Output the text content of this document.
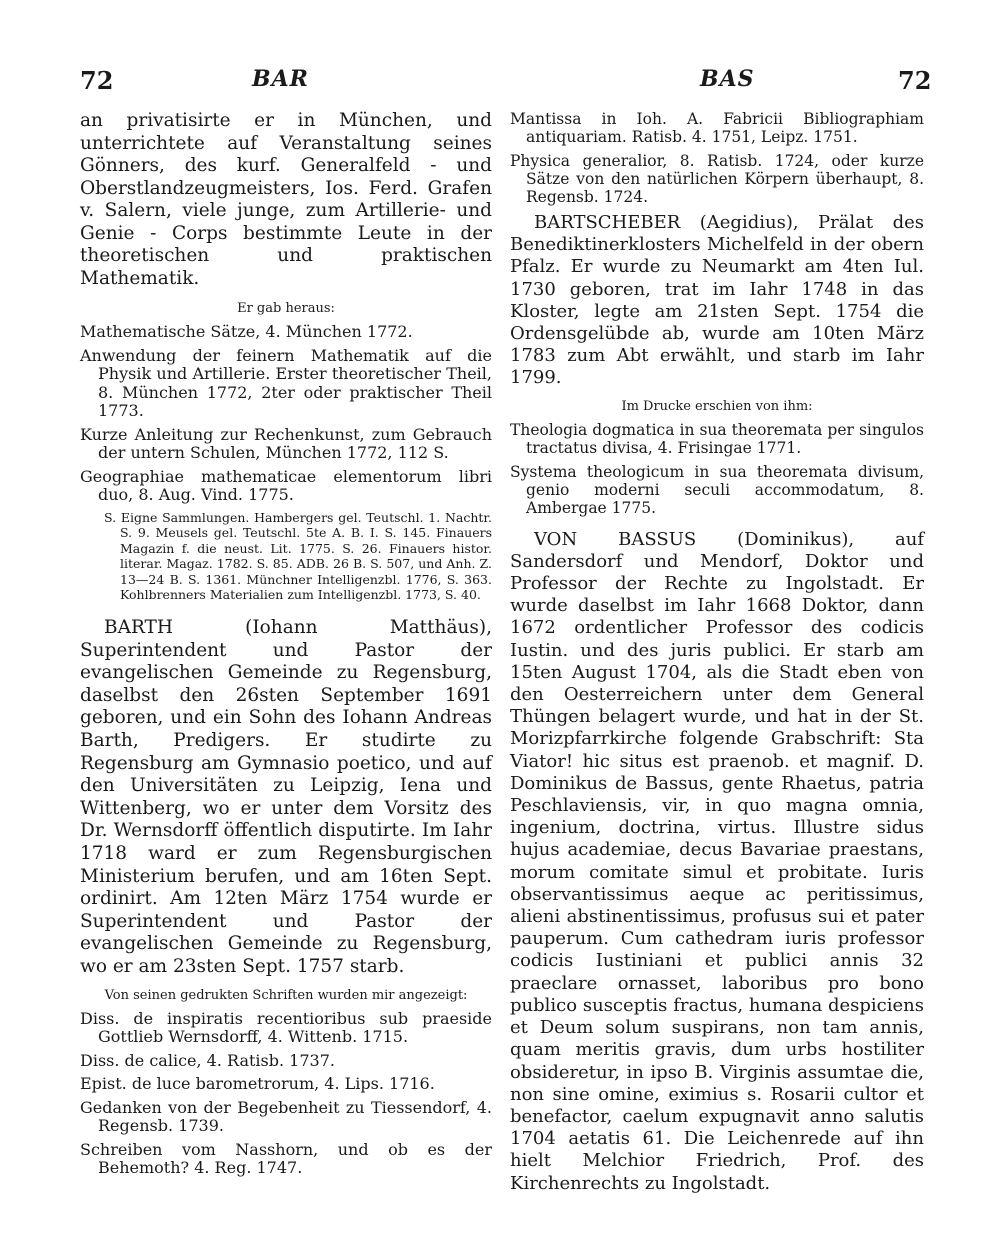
72	BAR	BAS	72

an privatisirte er in München, und unterrichtete auf Veranstaltung seines Gönners, des kurf. Generalfeld - und Oberstlandzeugmeisters, Ios. Ferd. Grafen v. Salern, viele junge, zum Artillerie- und Genie - Corps bestimmte Leute in der theoretischen und praktischen Mathematik.

Er gab heraus:

Mathematische Sätze, 4. München 1772.

Anwendung der feinern Mathematik auf die Physik und Artillerie. Erster theoretischer Theil, 8. München 1772, 2ter oder praktischer Theil 1773.

Kurze Anleitung zur Rechenkunst, zum Gebrauch der untern Schulen, München 1772, 112 S.

Geographiae mathematicae elementorum libri duo, 8. Aug. Vind. 1775.

S. Eigne Sammlungen. Hambergers gel. Teutschl. 1. Nachtr. S. 9. Meusels gel. Teutschl. 5te A. B. I. S. 145. Finauers Magazin f. die neust. Lit. 1775. S. 26. Finauers histor. literar. Magaz. 1782. S. 85. ADB. 26 B. S. 507, und Anh. Z. 13—24 B. S. 1361. Münchner Intelligenzbl. 1776, S. 363. Kohlbrenners Materialien zum Intelligenzbl. 1773, S. 40.

BARTH (Iohann Matthäus), Superintendent und Pastor der evangelischen Gemeinde zu Regensburg, daselbst den 26sten September 1691 geboren, und ein Sohn des Iohann Andreas Barth, Predigers. Er studirte zu Regensburg am Gymnasio poetico, und auf den Universitäten zu Leipzig, Iena und Wittenberg, wo er unter dem Vorsitz des Dr. Wernsdorff öffentlich disputirte. Im Iahr 1718 ward er zum Regensburgischen Ministerium berufen, und am 16ten Sept. ordinirt. Am 12ten März 1754 wurde er Superintendent und Pastor der evangelischen Gemeinde zu Regensburg, wo er am 23sten Sept. 1757 starb.

Von seinen gedrukten Schriften wurden mir angezeigt:

Diss. de inspiratis recentioribus sub praeside Gottlieb Wernsdorff, 4. Wittenb. 1715.

Diss. de calice, 4. Ratisb. 1737.

Epist. de luce barometrorum, 4. Lips. 1716.

Gedanken von der Begebenheit zu Tiessendorf, 4. Regensb. 1739.

Schreiben vom Nasshorn, und ob es der Behemoth? 4. Reg. 1747.

Mantissa in Ioh. A. Fabricii Bibliographiam antiquariam. Ratisb. 4. 1751, Leipz. 1751.

Physica generalior, 8. Ratisb. 1724, oder kurze Sätze von den natürlichen Körpern überhaupt, 8. Regensb. 1724.

BARTSCHEBER (Aegidius), Prälat des Benediktinerklosters Michelfeld in der obern Pfalz. Er wurde zu Neumarkt am 4ten Iul. 1730 geboren, trat im Iahr 1748 in das Kloster, legte am 21sten Sept. 1754 die Ordensgelübde ab, wurde am 10ten März 1783 zum Abt erwählt, und starb im Iahr 1799.

Im Drucke erschien von ihm:

Theologia dogmatica in sua theoremata per singulos tractatus divisa, 4. Frisingae 1771.

Systema theologicum in sua theoremata divisum, genio moderni seculi accommodatum, 8. Ambergae 1775.

VON BASSUS (Dominikus), auf Sandersdorf und Mendorf, Doktor und Professor der Rechte zu Ingolstadt. Er wurde daselbst im Iahr 1668 Doktor, dann 1672 ordentlicher Professor des codicis Iustin. und des juris publici. Er starb am 15ten August 1704, als die Stadt eben von den Oesterreichern unter dem General Thüngen belagert wurde, und hat in der St. Morizpfarrkirche folgende Grabschrift: Sta Viator! hic situs est praenob. et magnif. D. Dominikus de Bassus, gente Rhaetus, patria Peschlaviensis, vir, in quo magna omnia, ingenium, doctrina, virtus. Illustre sidus hujus academiae, decus Bavariae praestans, morum comitate simul et probitate. Iuris observantissimus aeque ac peritissimus, alieni abstinentissimus, profusus sui et pater pauperum. Cum cathedram iuris professor codicis Iustiniani et publici annis 32 praeclare ornasset, laboribus pro bono publico susceptis fractus, humana despiciens et Deum solum suspirans, non tam annis, quam meritis gravis, dum urbs hostiliter obsideretur, in ipso B. Virginis assumtae die, non sine omine, eximius s. Rosarii cultor et benefactor, caelum expugnavit anno salutis 1704 aetatis 61. Die Leichenrede auf ihn hielt Melchior Friedrich, Prof. des Kirchenrechts zu Ingolstadt.
